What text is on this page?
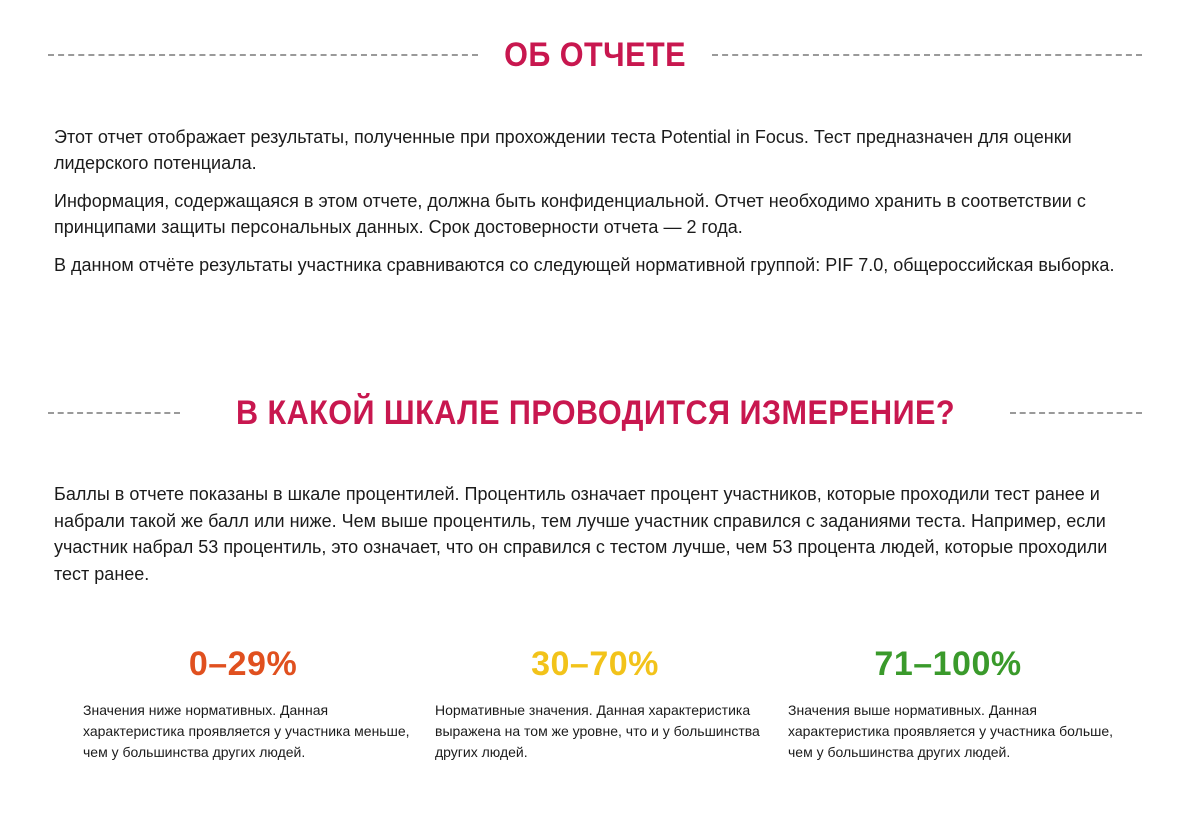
ОБ ОТЧЕТЕ

Этот отчет отображает результаты, полученные при прохождении теста Potential in Focus. Тест предназначен для оценки лидерского потенциала.

Информация, содержащаяся в этом отчете, должна быть конфиденциальной. Отчет необходимо хранить в соответствии с принципами защиты персональных данных. Срок достоверности отчета — 2 года.

В данном отчёте результаты участника сравниваются со следующей нормативной группой: PIF 7.0, общероссийская выборка.

В КАКОЙ ШКАЛЕ ПРОВОДИТСЯ ИЗМЕРЕНИЕ?

Баллы в отчете показаны в шкале процентилей. Процентиль означает процент участников, которые проходили тест ранее и набрали такой же балл или ниже. Чем выше процентиль, тем лучше участник справился с заданиями теста. Например, если участник набрал 53 процентиль, это означает, что он справился с тестом лучше, чем 53 процента людей, которые проходили тест ранее.

0–29%
Значения ниже нормативных. Данная характеристика проявляется у участника меньше, чем у большинства других людей.
30–70%
Нормативные значения. Данная характеристика выражена на том же уровне, что и у большинства других людей.
71–100%
Значения выше нормативных. Данная характеристика проявляется у участника больше, чем у большинства других людей.
